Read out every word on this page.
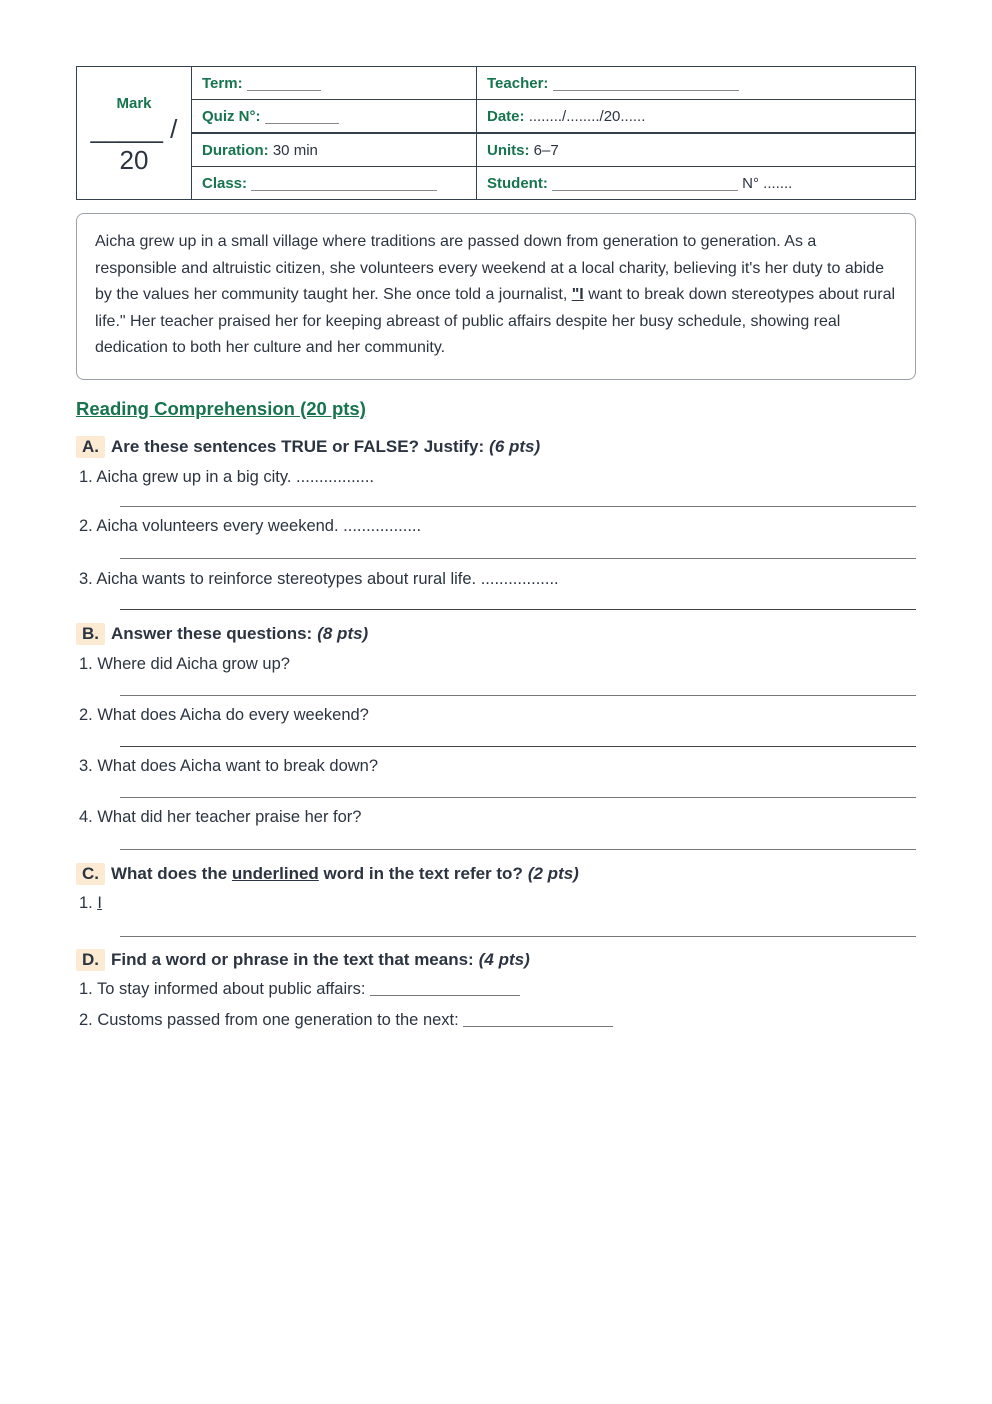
Mark
_____ / 20	Term:	Teacher:
	Quiz N°:	Date: ......../......../20......
	Duration: 30 min	Units: 6–7
	Class:	Student: N° .......
Aicha grew up in a small village where traditions are passed down from generation to generation. As a responsible and altruistic citizen, she volunteers every weekend at a local charity, believing it's her duty to abide by the values her community taught her. She once told a journalist, "I want to break down stereotypes about rural life." Her teacher praised her for keeping abreast of public affairs despite her busy schedule, showing real dedication to both her culture and her community.
Reading Comprehension (20 pts)
A. Are these sentences TRUE or FALSE? Justify: (6 pts)
1. Aicha grew up in a big city. .................
2. Aicha volunteers every weekend. .................
3. Aicha wants to reinforce stereotypes about rural life. .................
B. Answer these questions: (8 pts)
1. Where did Aicha grow up?
2. What does Aicha do every weekend?
3. What does Aicha want to break down?
4. What did her teacher praise her for?
C. What does the underlined word in the text refer to? (2 pts)
1. I
D. Find a word or phrase in the text that means: (4 pts)
1. To stay informed about public affairs:
2. Customs passed from one generation to the next:
